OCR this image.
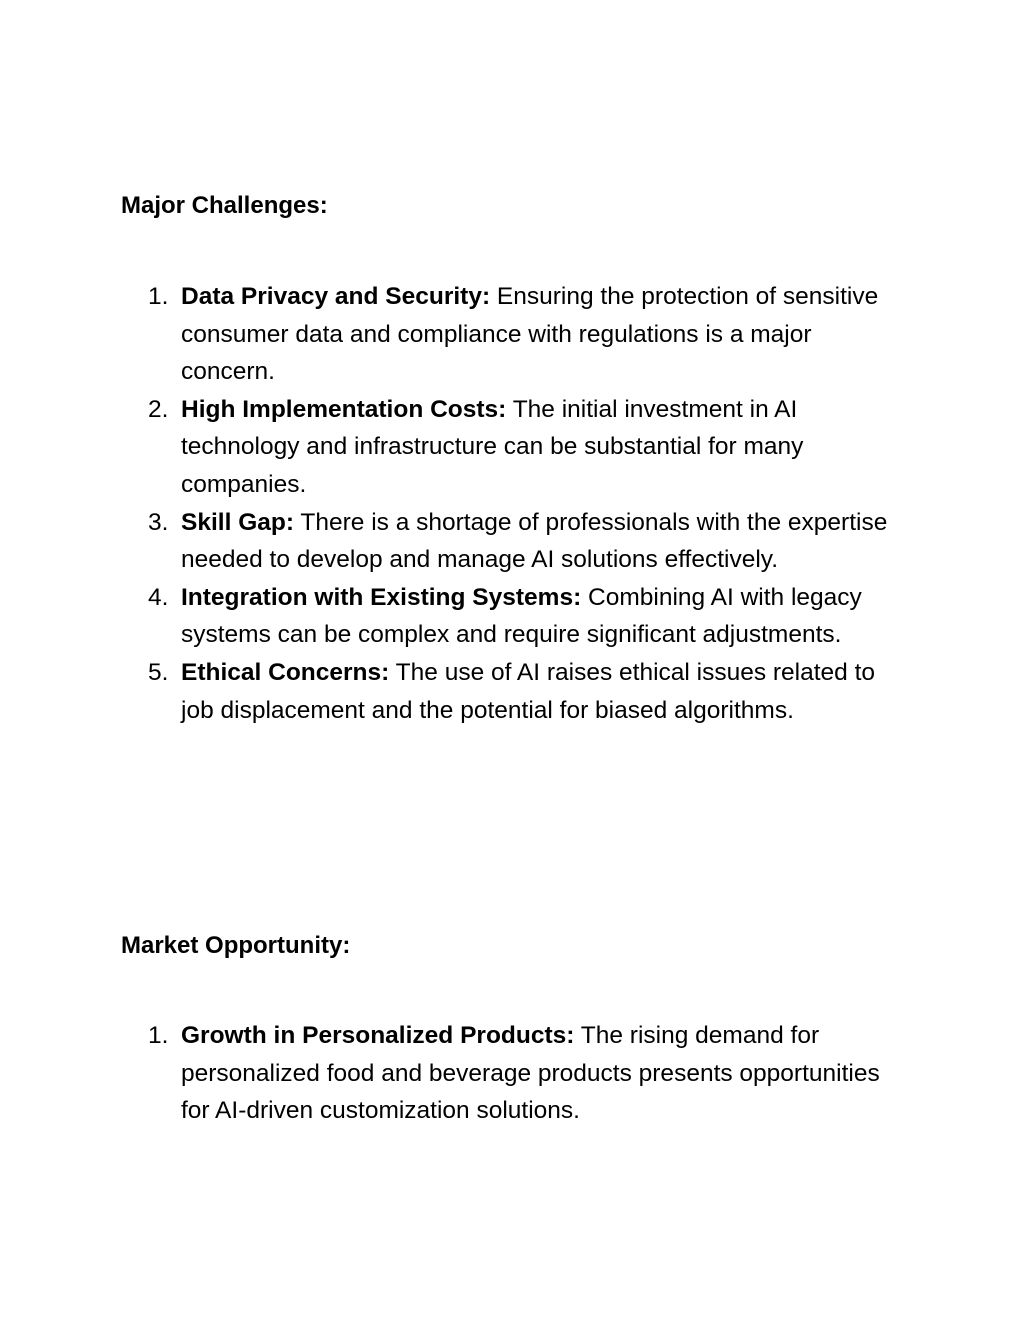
Major Challenges:
1. Data Privacy and Security: Ensuring the protection of sensitive consumer data and compliance with regulations is a major concern.
2. High Implementation Costs: The initial investment in AI technology and infrastructure can be substantial for many companies.
3. Skill Gap: There is a shortage of professionals with the expertise needed to develop and manage AI solutions effectively.
4. Integration with Existing Systems: Combining AI with legacy systems can be complex and require significant adjustments.
5. Ethical Concerns: The use of AI raises ethical issues related to job displacement and the potential for biased algorithms.
Market Opportunity:
1. Growth in Personalized Products: The rising demand for personalized food and beverage products presents opportunities for AI-driven customization solutions.
